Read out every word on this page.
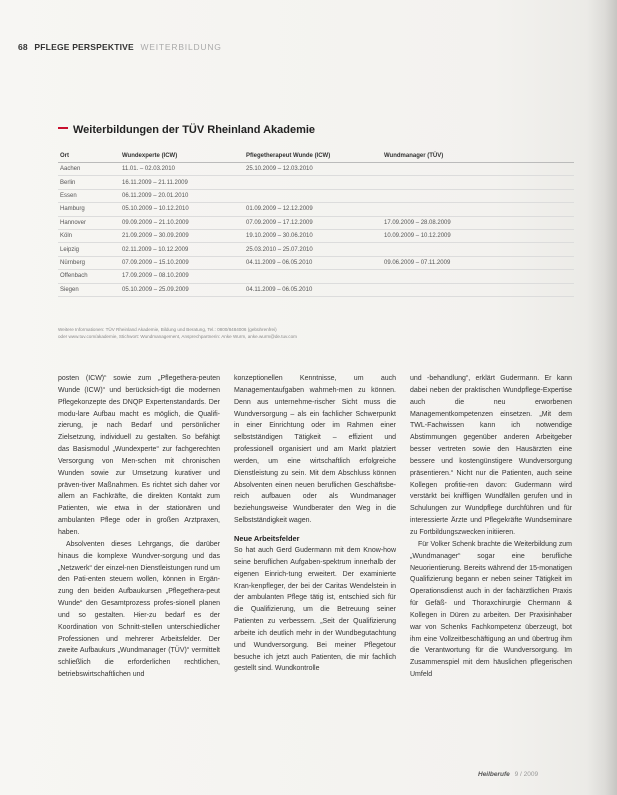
68 PFLEGE PERSPEKTIVE WEITERBILDUNG
Weiterbildungen der TÜV Rheinland Akademie
Ort	Wundexperte (ICW)	Pflegetherapeut Wunde (ICW)	Wundmanager (TÜV)
Aachen	11.01. – 02.03.2010	25.10.2009 – 12.03.2010	
Berlin	16.11.2009 – 21.11.2009		
Essen	06.11.2009 – 20.01.2010		
Hamburg	05.10.2009 – 10.12.2010	01.09.2009 – 12.12.2009	
Hannover	09.09.2009 – 21.10.2009	07.09.2009 – 17.12.2009	17.09.2009 – 28.08.2009
Köln	21.09.2009 – 30.09.2009	19.10.2009 – 30.06.2010	10.09.2009 – 10.12.2009
Leipzig	02.11.2009 – 10.12.2009	25.03.2010 – 25.07.2010	
Nürnberg	07.09.2009 – 15.10.2009	04.11.2009 – 06.05.2010	09.06.2009 – 07.11.2009
Offenbach	17.09.2009 – 08.10.2009		
Siegen	05.10.2009 – 25.09.2009	04.11.2009 – 06.05.2010	
Weitere Informationen: TÜV Rheinland Akademie, Bildung und Beratung, Tel.: 0800/8484006 (gebührenfrei)
oder www.tuv.com/akademie, Stichwort: Wundmanagement, Ansprechpartnerin: Anke Wurm, anke.wurm@de.tuv.com

posten (ICW)“ sowie zum „Pflegethera-peuten Wunde (ICW)“ und berücksich-tigt die modernen Pflegekonzepte des DNQP Expertenstandards. Der modu-lare Aufbau macht es möglich, die Qualifi-zierung, je nach Bedarf und persönlicher Zielsetzung, individuell zu gestalten. So befähigt das Basismodul „Wundexperte“ zur fachgerechten Versorgung von Men-schen mit chronischen Wunden sowie zur Umsetzung kurativer und präven-tiver Maßnahmen. Es richtet sich daher vor allem an Fachkräfte, die direkten Kontakt zum Patienten, wie etwa in der stationären und ambulanten Pflege oder in großen Arztpraxen, haben.

Absolventen dieses Lehrgangs, die darüber hinaus die komplexe Wundver-sorgung und das „Netzwerk“ der einzel-nen Dienstleistungen rund um den Pati-enten steuern wollen, können in Ergän-zung den beiden Aufbaukursen „Pflegethera-peut Wunde“ den Gesamtprozess profes-sionell planen und so gestalten. Hier-zu bedarf es der Koordination von Schnitt-stellen unterschiedlicher Professionen und mehrerer Arbeitsfelder. Der zweite Aufbaukurs „Wundmanager (TÜV)“ vermittelt schließlich die erforderlichen rechtlichen, betriebswirtschaftlichen und

konzeptionellen Kenntnisse, um auch Managementaufgaben wahrneh-men zu können. Denn aus unternehme-rischer Sicht muss die Wundversorgung – als ein fachlicher Schwerpunkt in einer Einrichtung oder im Rahmen einer selbstständigen Tätigkeit – effizient und professionell organisiert und am Markt platziert werden, um eine wirtschaftlich erfolgreiche Dienstleistung zu sein. Mit dem Abschluss können Absolventen einen neuen beruflichen Geschäftsbe-reich aufbauen oder als Wundmanager beziehungsweise Wundberater den Weg in die Selbstständigkeit wagen.

Neue Arbeitsfelder

So hat auch Gerd Gudermann mit dem Know-how seine beruflichen Aufgaben-spektrum innerhalb der eigenen Einrich-tung erweitert. Der examinierte Kran-kenpfleger, der bei der Caritas Wendelstein in der ambulanten Pflege tätig ist, entschied sich für die Qualifizierung, um die Betreuung seiner Patienten zu verbessern. „Seit der Qualifizierung arbeite ich deutlich mehr in der Wundbegutachtung und Wundversorgung. Bei meiner Pflegetour besuche ich jetzt auch Patienten, die mir fachlich gestellt sind. Wundkontrolle

und -behandlung“, erklärt Gudermann. Er kann dabei neben der praktischen Wundpflege-Expertise auch die neu erworbenen Managementkompetenzen einsetzen. „Mit dem TWL-Fachwissen kann ich notwendige Abstimmungen gegenüber anderen Arbeitgeber besser vertreten sowie den Hausärzten eine bessere und kostengünstigere Wundversorgung präsentieren.“ Nicht nur die Patienten, auch seine Kollegen profitie-ren davon: Gudermann wird verstärkt bei kniffligen Wundfällen gerufen und in Schulungen zur Wundpflege durchführen und für interessierte Ärzte und Pflegekräfte Wundseminare zu Fortbildungszwecken initiieren.

Für Volker Schenk brachte die Weiterbildung zum „Wundmanager“ sogar eine berufliche Neuorientierung. Bereits während der 15-monatigen Qualifizierung begann er neben seiner Tätigkeit im Operationsdienst auch in der fachärztlichen Praxis für Gefäß- und Thoraxchirurgie Chermann & Kollegen in Düren zu arbeiten. Der Praxisinhaber war von Schenks Fachkompetenz überzeugt, bot ihm eine Vollzeitbeschäftigung an und übertrug ihm die Verantwortung für die Wundversorgung. Im Zusammenspiel mit dem häuslichen pflegerischen Umfeld

Heilberufe 9 / 2009
